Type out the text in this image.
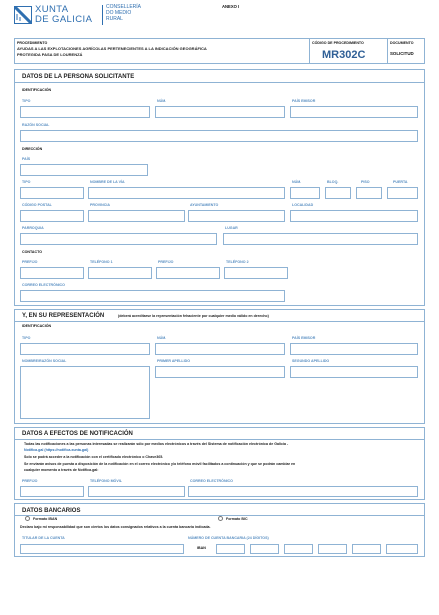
XUNTA
DE GALICIA
CONSELLERÍA
DO MEDIO
RURAL
ANEXO I
PROCEDIMIENTO
AYUDAS A LAS EXPLOTACIONES AGRÍCOLAS PERTENECIENTES A LA INDICACIÓN GEOGRÁFICA
PROTEGIDA PASA DE LOURENZÁ
CÓDIGO DE PROCEDIMIENTO
MR302C
DOCUMENTO
SOLICITUD
DATOS DE LA PERSONA SOLICITANTE
IDENTIFICACIÓN
TIPO	NÚM.	PAÍS EMISOR
RAZÓN SOCIAL
DIRECCIÓN
PAÍS
TIPO	NOMBRE DE LA VÍA	NÚM.	BLOQ.	PISO	PUERTA
CÓDIGO POSTAL	PROVINCIA	AYUNTAMIENTO	LOCALIDAD
PARROQUIA	LUGAR
CONTACTO
PREFIJO	TELÉFONO 1	PREFIJO	TELÉFONO 2
CORREO ELECTRÓNICO
Y, EN SU REPRESENTACIÓN	(deberá acreditarse la representación fehaciente por cualquier medio válido en derecho)
IDENTIFICACIÓN
TIPO	NÚM.	PAÍS EMISOR
NOMBRE/RAZÓN SOCIAL	PRIMER APELLIDO	SEGUNDO APELLIDO
DATOS A EFECTOS DE NOTIFICACIÓN
Todas las notificaciones a las personas interesadas se realizarán sólo por medios electrónicos a través del Sistema de notificación electrónica de Galicia -
Notifica.gal (https://notifica.xunta.gal)
Solo se podrá acceder a la notificación con el certificado electrónico o Chave365.
Se enviarán avisos de puesta a disposición de la notificación en el correo electrónico y/o teléfono móvil facilitados a continuación y que se podrán cambiar en
cualquier momento a través de Notifica.gal:
PREFIJO	TELÉFONO MÓVIL	CORREO ELECTRÓNICO
DATOS BANCARIOS
Formato IBAN	Formato BIC
Declaro bajo mi responsabilidad que son ciertos los datos consignados relativos a la cuenta bancaria indicada.
TITULAR DE LA CUENTA	NÚMERO DE CUENTA BANCARIA (24 DÍGITOS)
IBAN
